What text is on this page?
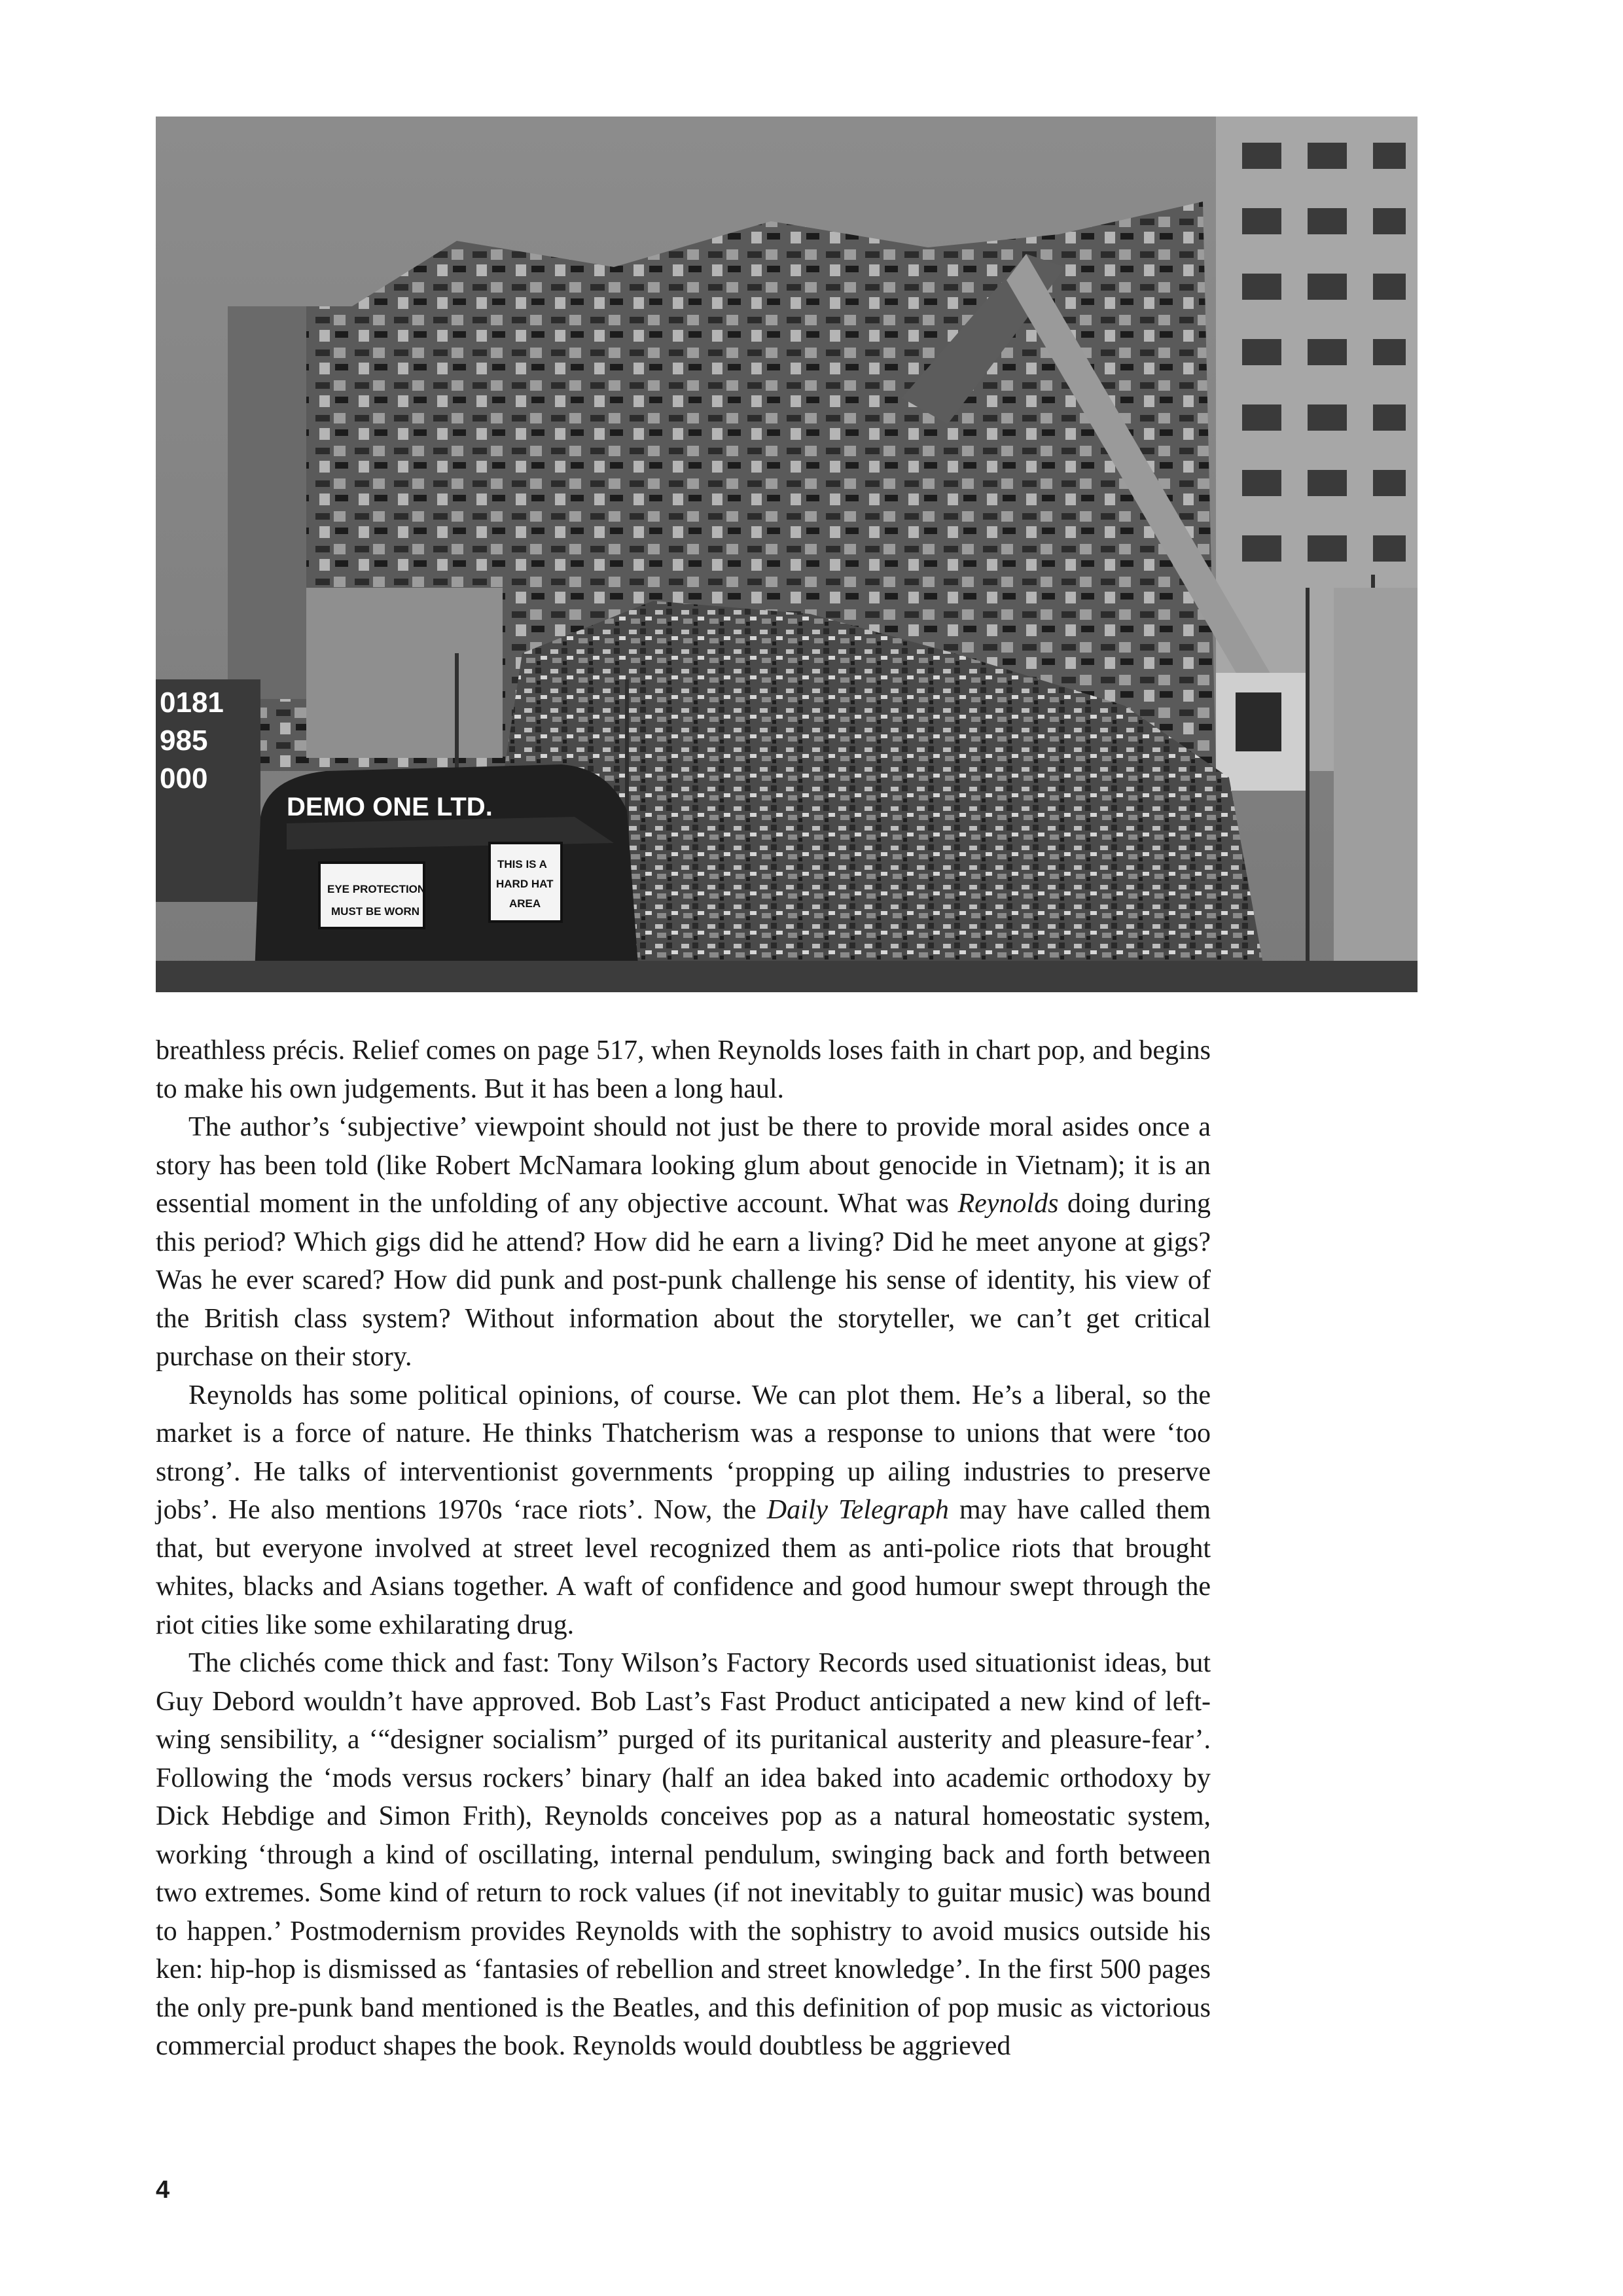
0181
985
000
DEMO ONE LTD.
EYE PROTECTION
MUST BE WORN
THIS IS A
HARD HAT
AREA

breathless précis. Relief comes on page 517, when Reynolds loses faith in chart pop, and begins to make his own judgements. But it has been a long haul.

The author’s ‘subjective’ viewpoint should not just be there to provide moral asides once a story has been told (like Robert McNamara looking glum about genocide in Vietnam); it is an essential moment in the unfolding of any objective account. What was Reynolds doing during this period? Which gigs did he attend? How did he earn a living? Did he meet anyone at gigs? Was he ever scared? How did punk and post-punk challenge his sense of identity, his view of the British class system? Without information about the storyteller, we can’t get critical purchase on their story.

Reynolds has some political opinions, of course. We can plot them. He’s a liberal, so the market is a force of nature. He thinks Thatcherism was a response to unions that were ‘too strong’. He talks of interventionist governments ‘propping up ailing industries to preserve jobs’. He also mentions 1970s ‘race riots’. Now, the Daily Telegraph may have called them that, but everyone involved at street level recognized them as anti-police riots that brought whites, blacks and Asians together. A waft of confidence and good humour swept through the riot cities like some exhilarating drug.

The clichés come thick and fast: Tony Wilson’s Factory Records used situationist ideas, but Guy Debord wouldn’t have approved. Bob Last’s Fast Product anticipated a new kind of left-wing sensibility, a ‘“designer socialism” purged of its puritanical austerity and pleasure-fear’. Following the ‘mods versus rockers’ binary (half an idea baked into academic orthodoxy by Dick Hebdige and Simon Frith), Reynolds conceives pop as a natural homeostatic system, working ‘through a kind of oscillating, internal pendulum, swinging back and forth between two extremes. Some kind of return to rock values (if not inevitably to guitar music) was bound to happen.’ Postmodernism provides Reynolds with the sophistry to avoid musics outside his ken: hip-hop is dismissed as ‘fantasies of rebellion and street knowledge’. In the first 500 pages the only pre-punk band mentioned is the Beatles, and this definition of pop music as victorious commercial product shapes the book. Reynolds would doubtless be aggrieved

4
